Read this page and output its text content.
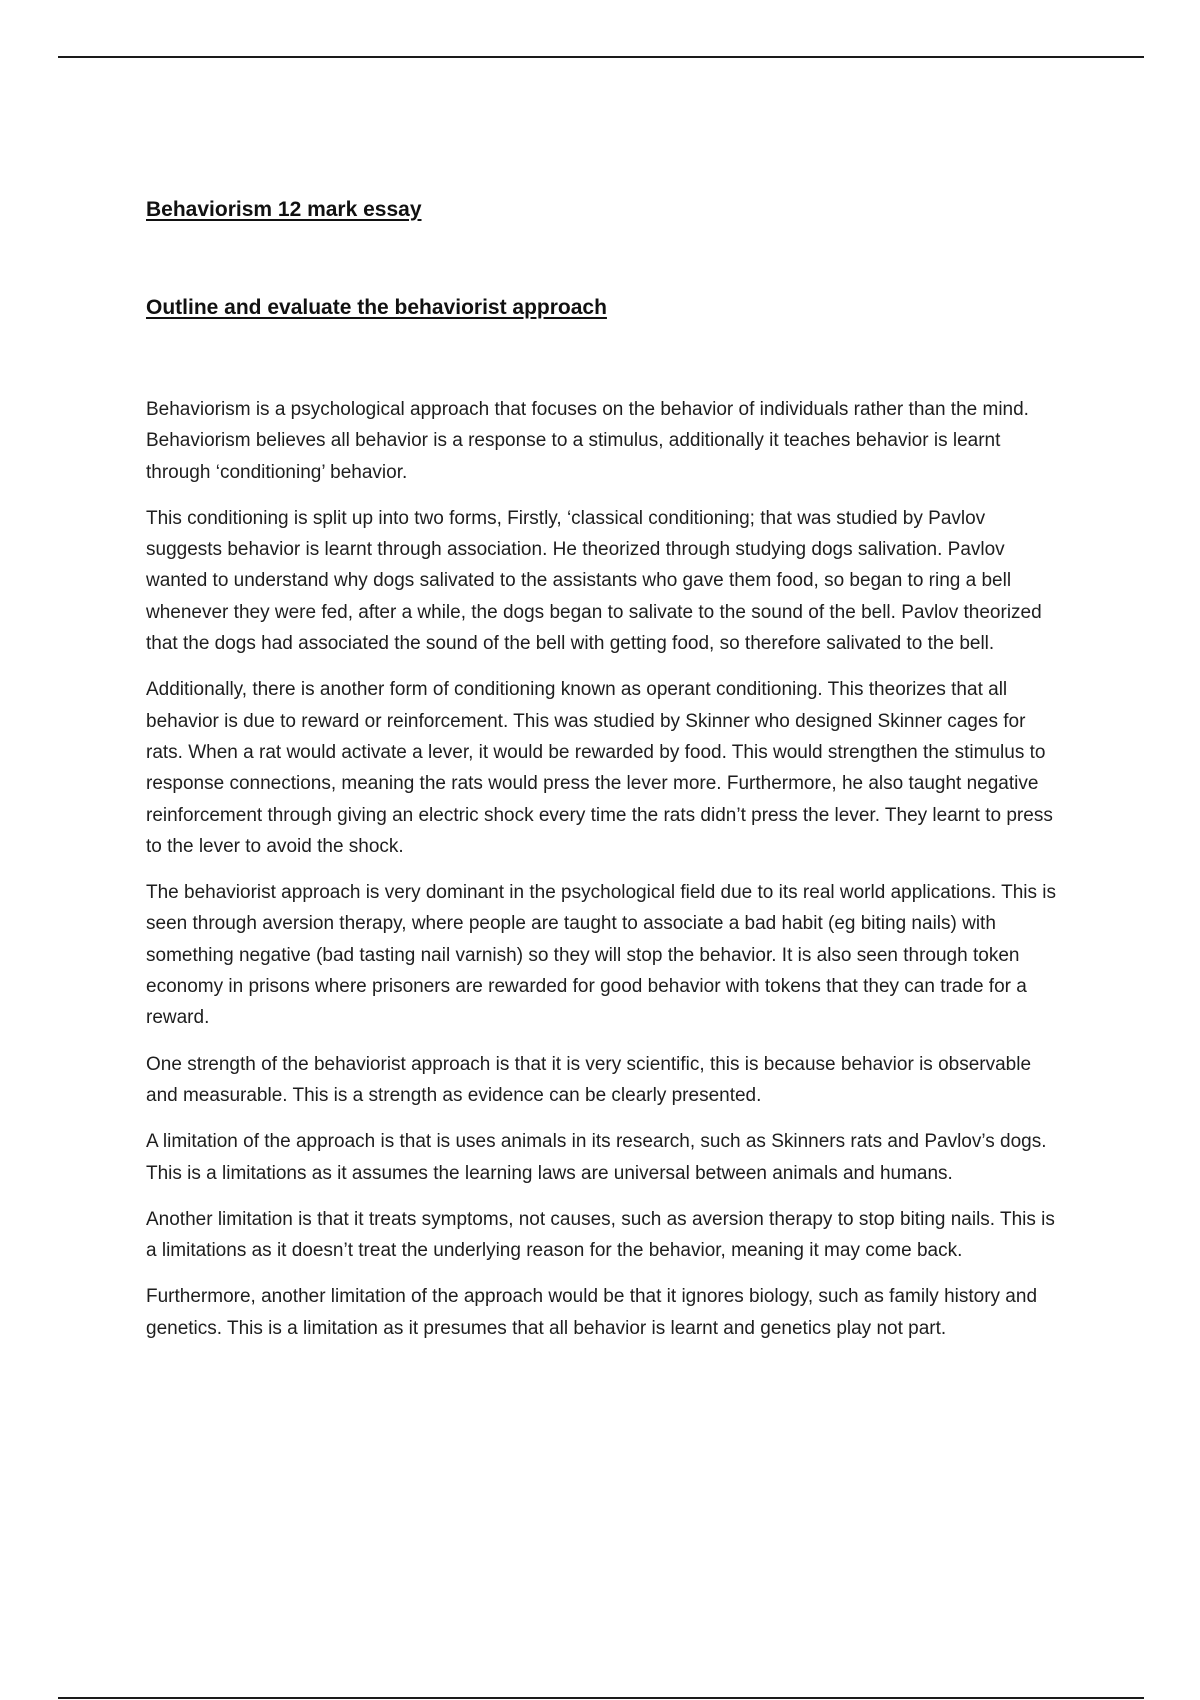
Behaviorism 12 mark essay
Outline and evaluate the behaviorist approach

Behaviorism is a psychological approach that focuses on the behavior of individuals rather than the mind. Behaviorism believes all behavior is a response to a stimulus, additionally it teaches behavior is learnt through ‘conditioning’ behavior.

This conditioning is split up into two forms, Firstly, ‘classical conditioning; that was studied by Pavlov suggests behavior is learnt through association. He theorized through studying dogs salivation. Pavlov wanted to understand why dogs salivated to the assistants who gave them food, so began to ring a bell whenever they were fed, after a while, the dogs began to salivate to the sound of the bell. Pavlov theorized that the dogs had associated the sound of the bell with getting food, so therefore salivated to the bell.

Additionally, there is another form of conditioning known as operant conditioning. This theorizes that all behavior is due to reward or reinforcement. This was studied by Skinner who designed Skinner cages for rats. When a rat would activate a lever, it would be rewarded by food. This would strengthen the stimulus to response connections, meaning the rats would press the lever more. Furthermore, he also taught negative reinforcement through giving an electric shock every time the rats didn’t press the lever. They learnt to press to the lever to avoid the shock.

The behaviorist approach is very dominant in the psychological field due to its real world applications. This is seen through aversion therapy, where people are taught to associate a bad habit (eg biting nails) with something negative (bad tasting nail varnish) so they will stop the behavior. It is also seen through token economy in prisons where prisoners are rewarded for good behavior with tokens that they can trade for a reward.

One strength of the behaviorist approach is that it is very scientific, this is because behavior is observable and measurable. This is a strength as evidence can be clearly presented.

A limitation of the approach is that is uses animals in its research, such as Skinners rats and Pavlov’s dogs. This is a limitations as it assumes the learning laws are universal between animals and humans.

Another limitation is that it treats symptoms, not causes, such as aversion therapy to stop biting nails. This is a limitations as it doesn’t treat the underlying reason for the behavior, meaning it may come back.

Furthermore, another limitation of the approach would be that it ignores biology, such as family history and genetics. This is a limitation as it presumes that all behavior is learnt and genetics play not part.
